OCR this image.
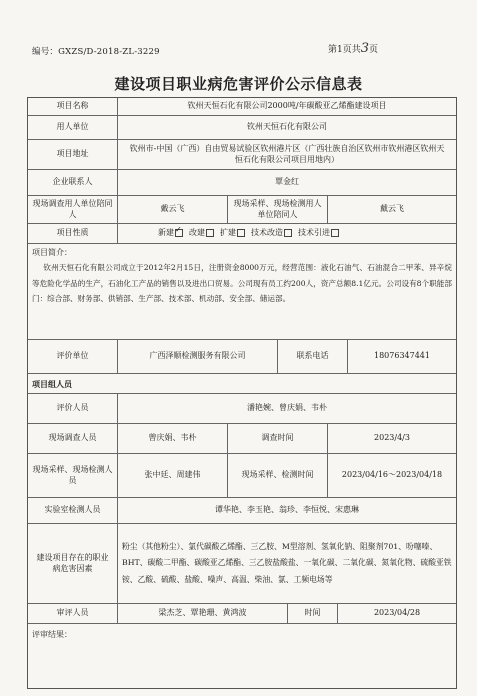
编号：GXZS/D-2018-ZL-3229	第1页共3页
建设项目职业病危害评价公示信息表
项目名称	钦州天恒石化有限公司2000吨/年碳酸亚乙烯酯建设项目
用人单位	钦州天恒石化有限公司
项目地址
钦州市-中国（广西）自由贸易试验区钦州港片区（广西壮族自治区钦州市钦州港区钦州天恒石化有限公司项目用地内）
企业联系人	覃金红
现场调查用人单位陪同人
戴云飞
现场采样、现场检测用人单位陪同人
戴云飞
项目性质	新建✓	改建	扩建	技术改造	技术引进
项目简介：
钦州天恒石化有限公司成立于2012年2月15日，注册资金8000万元，经营范围：液化石油气、石油混合二甲苯、异辛烷等危险化学品的生产，石油化工产品的销售以及进出口贸易。公司现有员工约200人，资产总额8.1亿元。公司设有8个职能部门：综合部、财务部、供销部、生产部、技术部、机动部、安全部、储运部。
评价单位	广西泽顺检测服务有限公司	联系电话	18076347441
项目组人员
评价人员	潘艳婉、曾庆娟、韦朴
现场调查人员	曾庆娟、韦朴	调查时间	2023/4/3
现场采样、现场检测人员
张中廷、周建伟	现场采样、检测时间	2023/04/16～2023/04/18
实验室检测人员	谭华艳、李玉艳、翁珍、李恒悦、宋惠琳
建设项目存在的职业病危害因素
粉尘（其他粉尘）、氯代碳酸乙烯酯、三乙胺、M型溶剂、氢氧化钠、阻聚剂701、吩噻嗪、BHT、碳酸二甲酯、碳酸亚乙烯酯、三乙胺盐酸盐、一氧化碳、二氧化碳、氮氧化物、硫酸亚铁铵、乙酸、硫酸、盐酸、噪声、高温、柴油、氯、工频电场等
审评人员	梁杰芝、覃艳珊、黄鸿波	时间	2023/04/28
评审结果：
